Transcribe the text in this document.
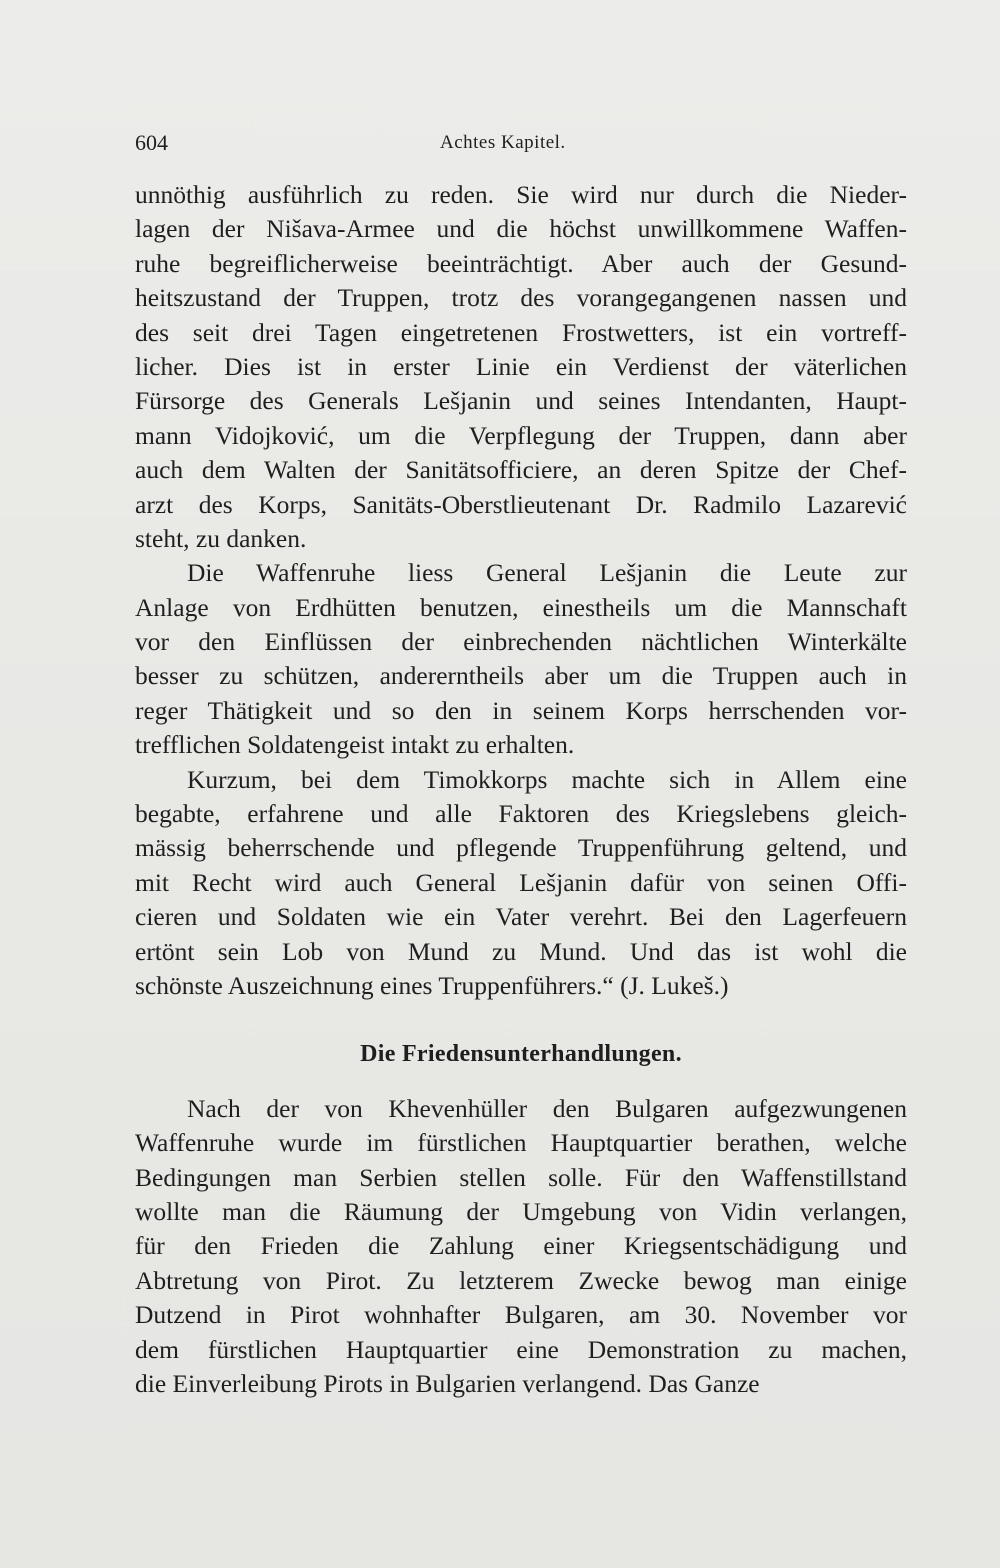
604	Achtes Kapitel.
unnöthig ausführlich zu reden. Sie wird nur durch die Nieder-
lagen der Nišava-Armee und die höchst unwillkommene Waffen-
ruhe begreiflicherweise beeinträchtigt. Aber auch der Gesund-
heitszustand der Truppen, trotz des vorangegangenen nassen und
des seit drei Tagen eingetretenen Frostwetters, ist ein vortreff-
licher. Dies ist in erster Linie ein Verdienst der väterlichen
Fürsorge des Generals Lešjanin und seines Intendanten, Haupt-
mann Vidojković, um die Verpflegung der Truppen, dann aber
auch dem Walten der Sanitätsofficiere, an deren Spitze der Chef-
arzt des Korps, Sanitäts-Oberstlieutenant Dr. Radmilo Lazarević
steht, zu danken.
Die Waffenruhe liess General Lešjanin die Leute zur
Anlage von Erdhütten benutzen, einestheils um die Mannschaft
vor den Einflüssen der einbrechenden nächtlichen Winterkälte
besser zu schützen, andererntheils aber um die Truppen auch in
reger Thätigkeit und so den in seinem Korps herrschenden vor-
trefflichen Soldatengeist intakt zu erhalten.
Kurzum, bei dem Timokkorps machte sich in Allem eine
begabte, erfahrene und alle Faktoren des Kriegslebens gleich-
mässig beherrschende und pflegende Truppenführung geltend, und
mit Recht wird auch General Lešjanin dafür von seinen Offi-
cieren und Soldaten wie ein Vater verehrt. Bei den Lagerfeuern
ertönt sein Lob von Mund zu Mund. Und das ist wohl die
schönste Auszeichnung eines Truppenführers.“ (J. Lukeš.)
Die Friedensunterhandlungen.
Nach der von Khevenhüller den Bulgaren aufgezwungenen
Waffenruhe wurde im fürstlichen Hauptquartier berathen, welche
Bedingungen man Serbien stellen solle. Für den Waffenstillstand
wollte man die Räumung der Umgebung von Vidin verlangen,
für den Frieden die Zahlung einer Kriegsentschädigung und
Abtretung von Pirot. Zu letzterem Zwecke bewog man einige
Dutzend in Pirot wohnhafter Bulgaren, am 30. November vor
dem fürstlichen Hauptquartier eine Demonstration zu machen,
die Einverleibung Pirots in Bulgarien verlangend. Das Ganze
